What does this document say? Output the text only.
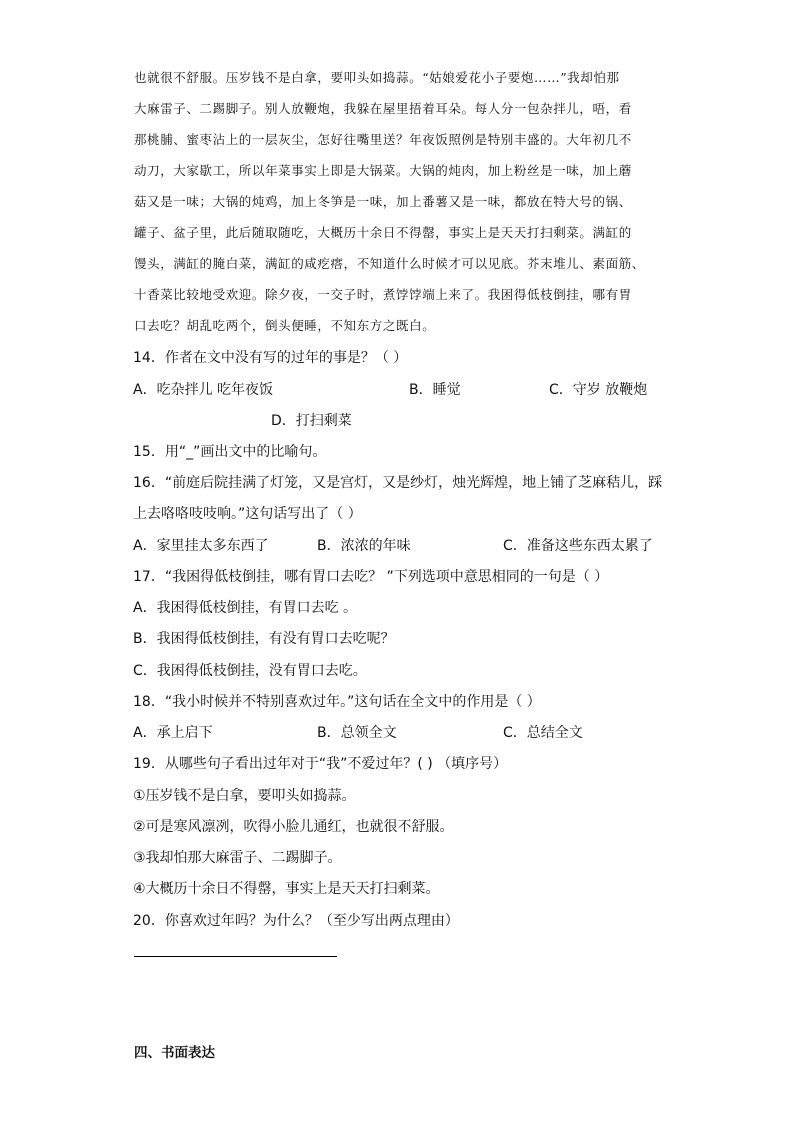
也就很不舒服。压岁钱不是白拿，要叩头如捣蒜。“姑娘爱花小子要炮……”我却怕那
大麻雷子、二踢脚子。别人放鞭炮，我躲在屋里捂着耳朵。每人分一包杂拌儿，唔，看
那桃脯、蜜枣沾上的一层灰尘，怎好往嘴里送？年夜饭照例是特别丰盛的。大年初几不
动刀，大家歇工，所以年菜事实上即是大锅菜。大锅的炖肉，加上粉丝是一味，加上蘑
菇又是一味；大锅的炖鸡，加上冬笋是一味，加上番薯又是一味，都放在特大号的锅、
罐子、盆子里，此后随取随吃，大概历十余日不得罄，事实上是天天打扫剩菜。满缸的
馒头，满缸的腌白菜，满缸的咸疙瘩，不知道什么时候才可以见底。芥末堆儿、素面筋、
十香菜比较地受欢迎。除夕夜，一交子时，煮饽饽端上来了。我困得低枝倒挂，哪有胃
口去吃？胡乱吃两个，倒头便睡，不知东方之既白。
14．作者在文中没有写的过年的事是？（ ）
A．吃杂拌儿 吃年夜饭	B．睡觉	C．守岁 放鞭炮
D．打扫剩菜
15．用“_”画出文中的比喻句。
16．“前庭后院挂满了灯笼，又是宫灯，又是纱灯，烛光辉煌，地上铺了芝麻秸儿，踩
上去咯咯吱吱响。”这句话写出了（ ）
A．家里挂太多东西了	B．浓浓的年味	C．准备这些东西太累了
17．“我困得低枝倒挂，哪有胃口去吃？ ”下列选项中意思相同的一句是（ ）
A．我困得低枝倒挂，有胃口去吃 。
B．我困得低枝倒挂，有没有胃口去吃呢？
C．我困得低枝倒挂，没有胃口去吃。
18．“我小时候并不特别喜欢过年。”这句话在全文中的作用是（ ）
A．承上启下	B．总领全文	C．总结全文
19．从哪些句子看出过年对于“我”不爱过年？( ) （填序号）
①压岁钱不是白拿，要叩头如捣蒜。
②可是寒风凛冽，吹得小脸儿通红，也就很不舒服。
③我却怕那大麻雷子、二踢脚子。
④大概历十余日不得罄，事实上是天天打扫剩菜。
20．你喜欢过年吗？为什么？（至少写出两点理由）
四、书面表达
